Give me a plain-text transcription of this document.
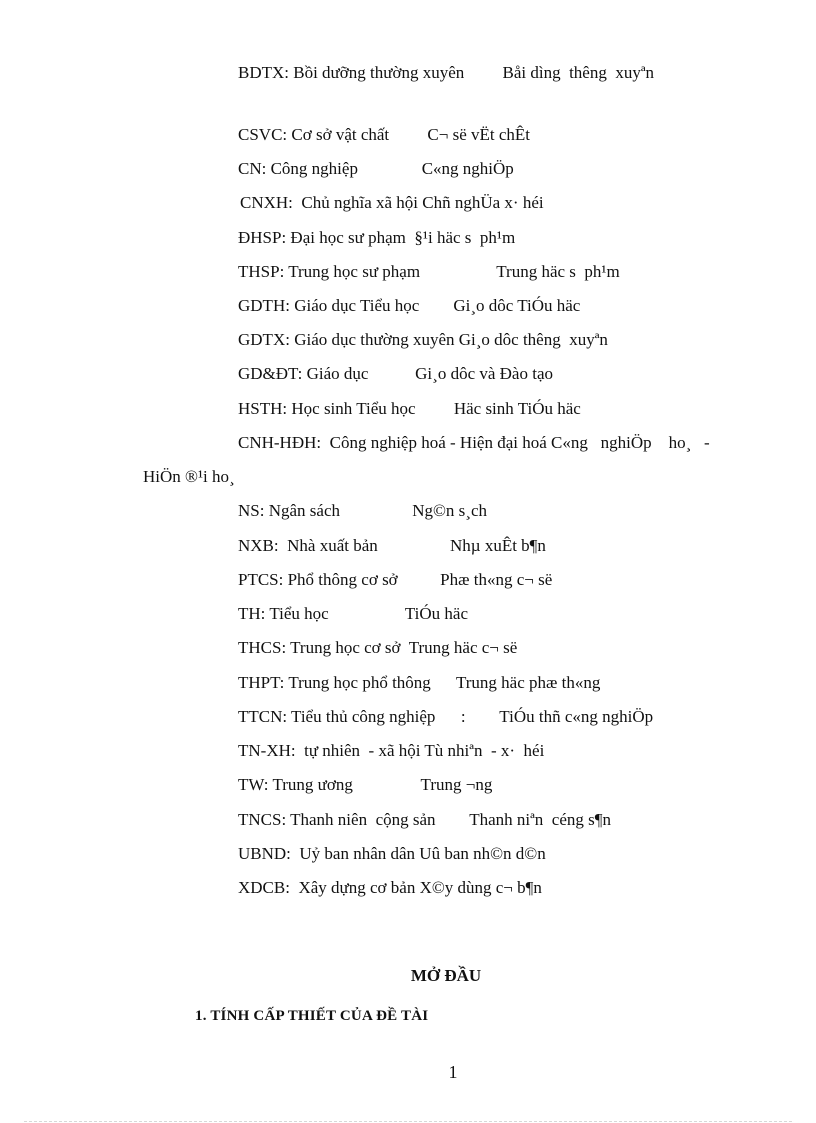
BDTX: Bồi dưỡng thường xuyên         Båi dìng  thêng  xuyªn
CSVC: Cơ sở vật chất         C¬ së vËt chÊt
CN: Công nghiệp               C«ng nghiÖp
CNXH:  Chủ nghĩa xã hội Chñ nghÜa x· héi
ĐHSP: Đại học sư phạm  §¹i häc s  ph¹m
THSP: Trung học sư phạm                  Trung häc s  ph¹m
GDTH: Giáo dục Tiểu học        Gi¸o dôc TiÓu häc
GDTX: Giáo dục thường xuyên Gi¸o dôc thêng  xuyªn
GD&ĐT: Giáo dục           Gi¸o dôc và Đào tạo
HSTH: Học sinh Tiểu học         Häc sinh TiÓu häc
CNH-HĐH:  Công nghiệp hoá - Hiện đại hoá C«ng   nghiÖp    ho¸   -
HiÖn ®¹i ho¸
NS: Ngân sách                 Ng©n s¸ch
NXB:  Nhà xuất bản                 Nhµ xuÊt b¶n
PTCS: Phổ thông cơ sở          Phæ th«ng c¬ së
TH: Tiểu học                  TiÓu häc
THCS: Trung học cơ sở  Trung häc c¬ së
THPT: Trung học phổ thông      Trung häc phæ th«ng
TTCN: Tiểu thủ công nghiệp      :        TiÓu thñ c«ng nghiÖp
TN-XH:  tự nhiên  - xã hội Tù nhiªn  - x·  héi
TW: Trung ương                Trung ¬ng
TNCS: Thanh niên  cộng sản        Thanh niªn  céng s¶n
UBND:  Uỷ ban nhân dân Uû ban nh©n d©n
XDCB:  Xây dựng cơ bản X©y dùng c¬ b¶n
MỞ ĐẦU
1. TÍNH CẤP THIẾT CỦA ĐỀ TÀI
1
